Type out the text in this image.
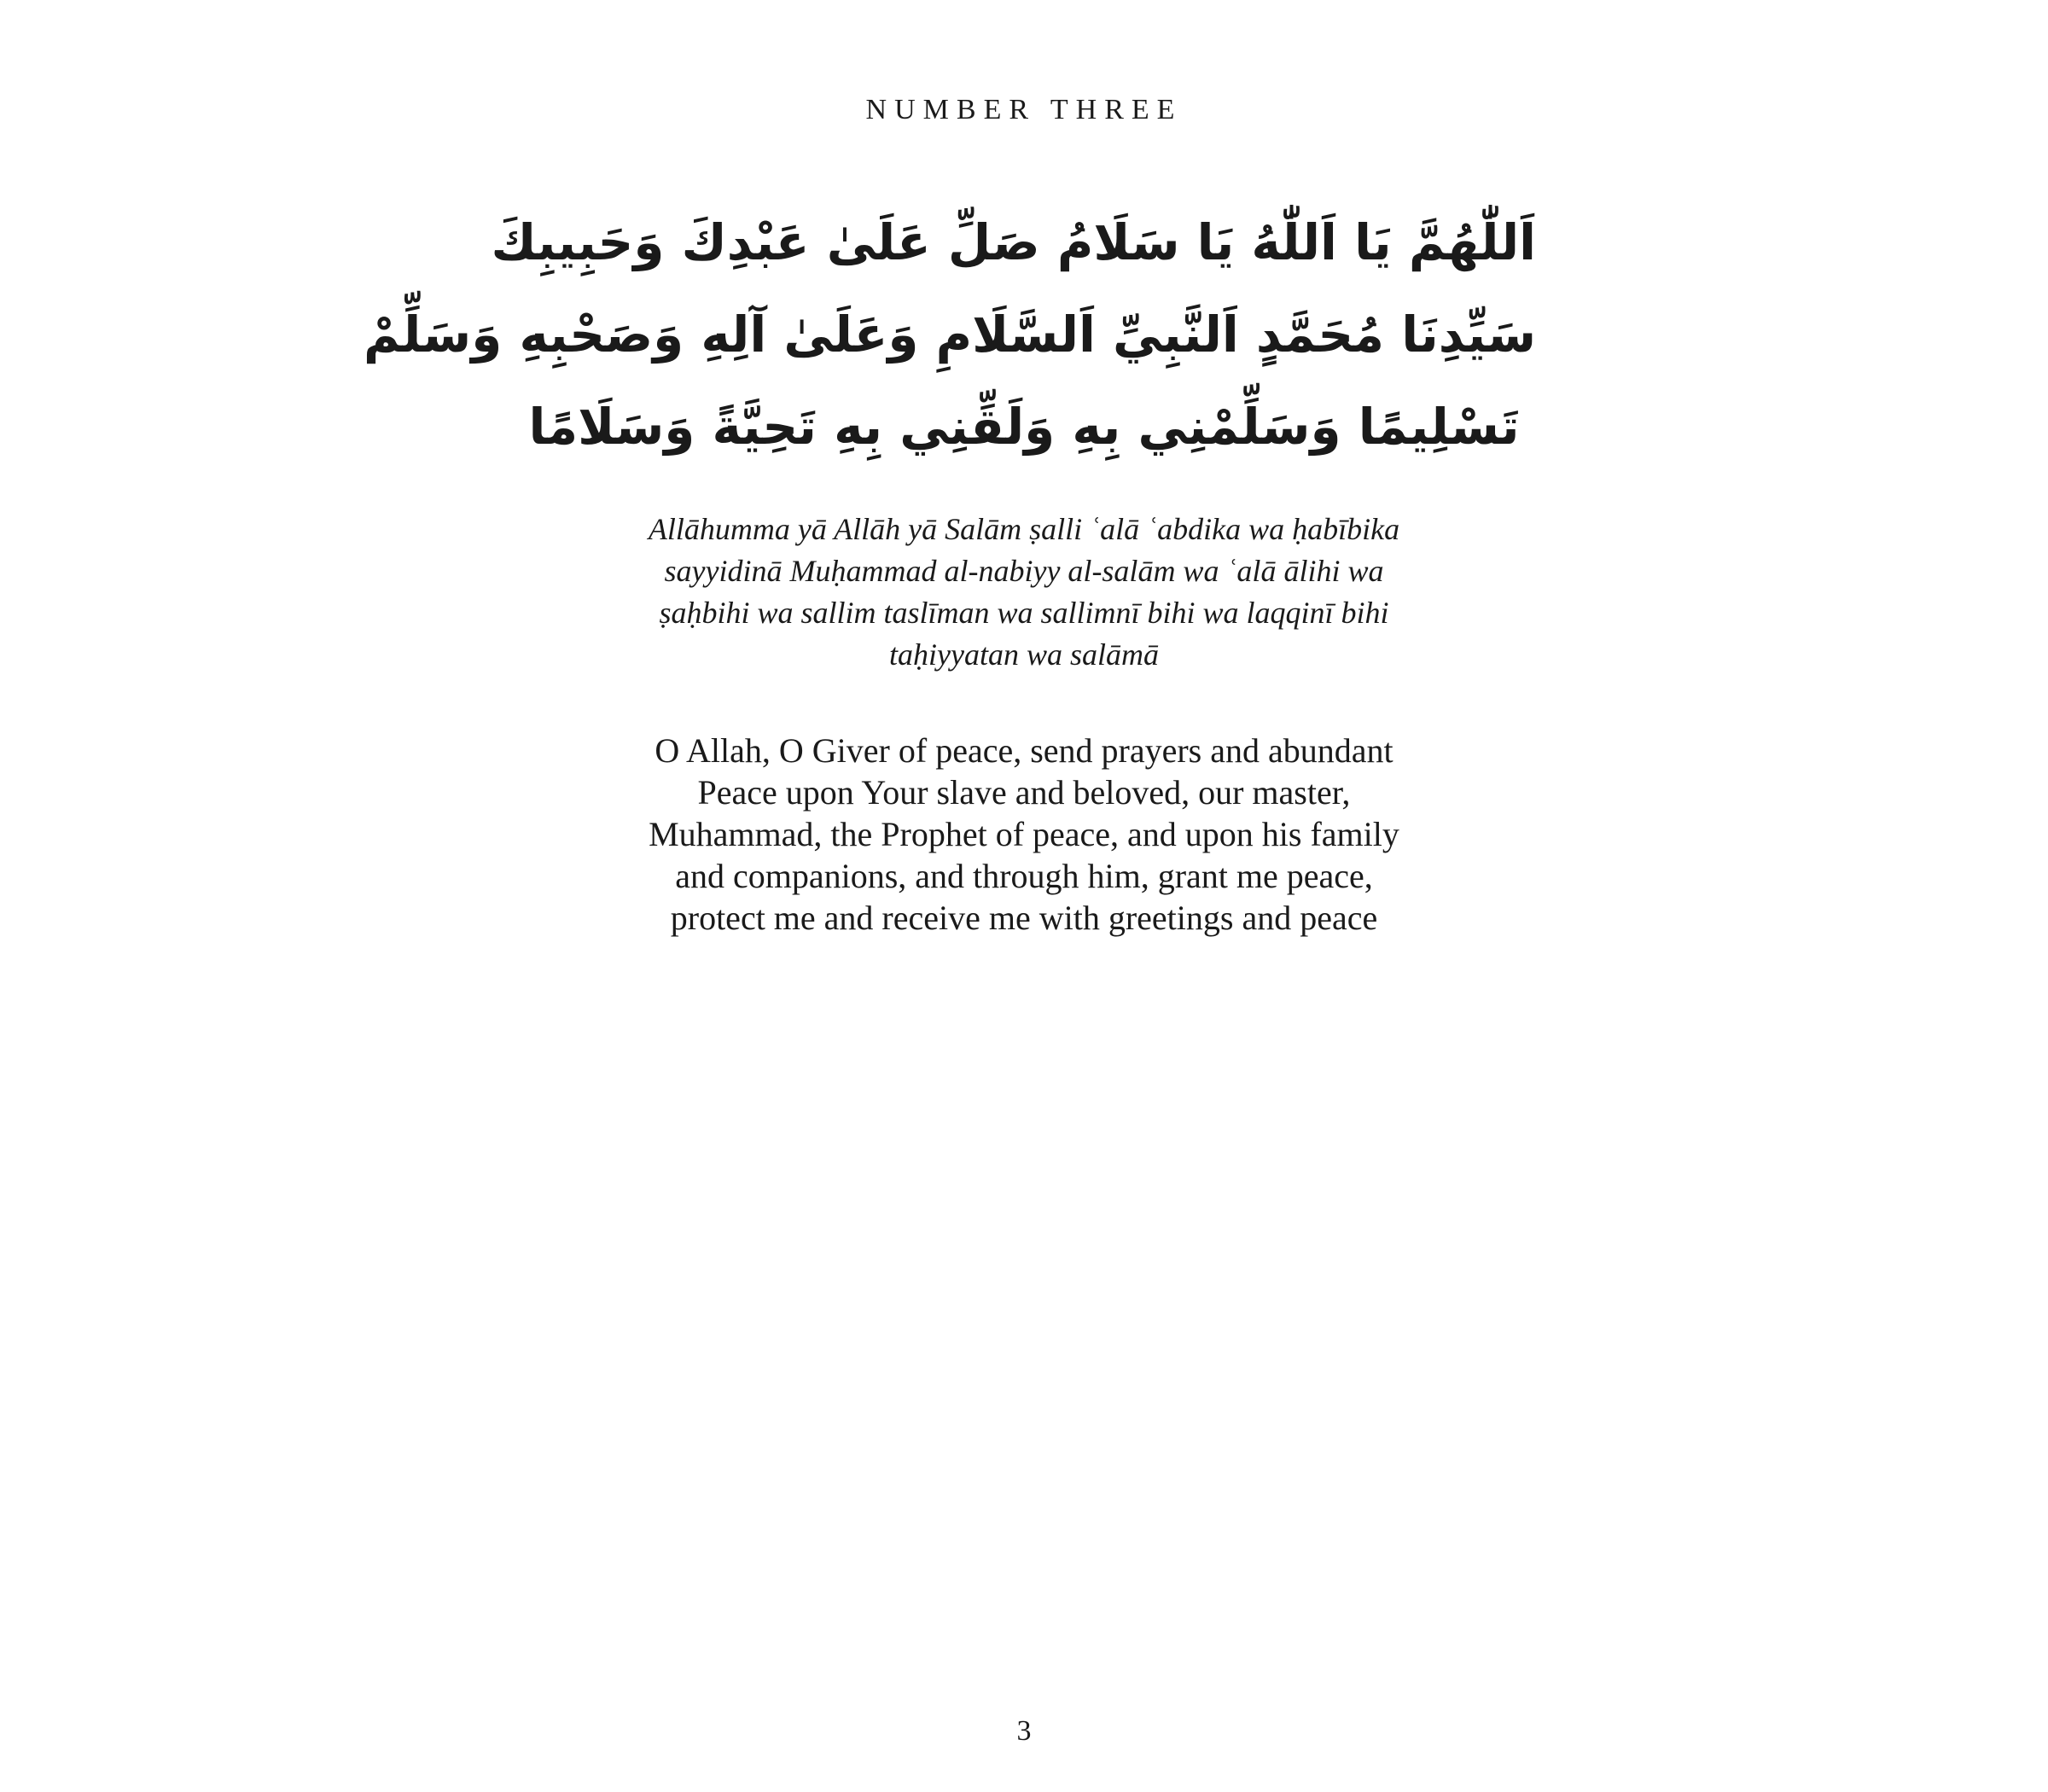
NUMBER THREE
اَللّٰهُمَّ يَا اَللّٰهُ يَا سَلَامُ صَلِّ عَلَىٰ عَبْدِكَ وَحَبِيبِكَ
سَيِّدِنَا مُحَمَّدٍ اَلنَّبِيِّ اَلسَّلَامِ وَعَلَىٰ آلِهِ وَصَحْبِهِ وَسَلِّمْ
تَسْلِيمًا وَسَلِّمْنِي بِهِ وَلَقِّنِي بِهِ تَحِيَّةً وَسَلَامًا
Allāhumma yā Allāh yā Salām ṣalli ʿalā ʿabdika wa ḥabībika
sayyidinā Muḥammad al-nabiyy al-salām wa ʿalā ālihi wa
ṣaḥbihi wa sallim taslīman wa sallimnī bihi wa laqqinī bihi
taḥiyyatan wa salāmā
O Allah, O Giver of peace, send prayers and abundant
Peace upon Your slave and beloved, our master,
Muhammad, the Prophet of peace, and upon his family
and companions, and through him, grant me peace,
protect me and receive me with greetings and peace
3
